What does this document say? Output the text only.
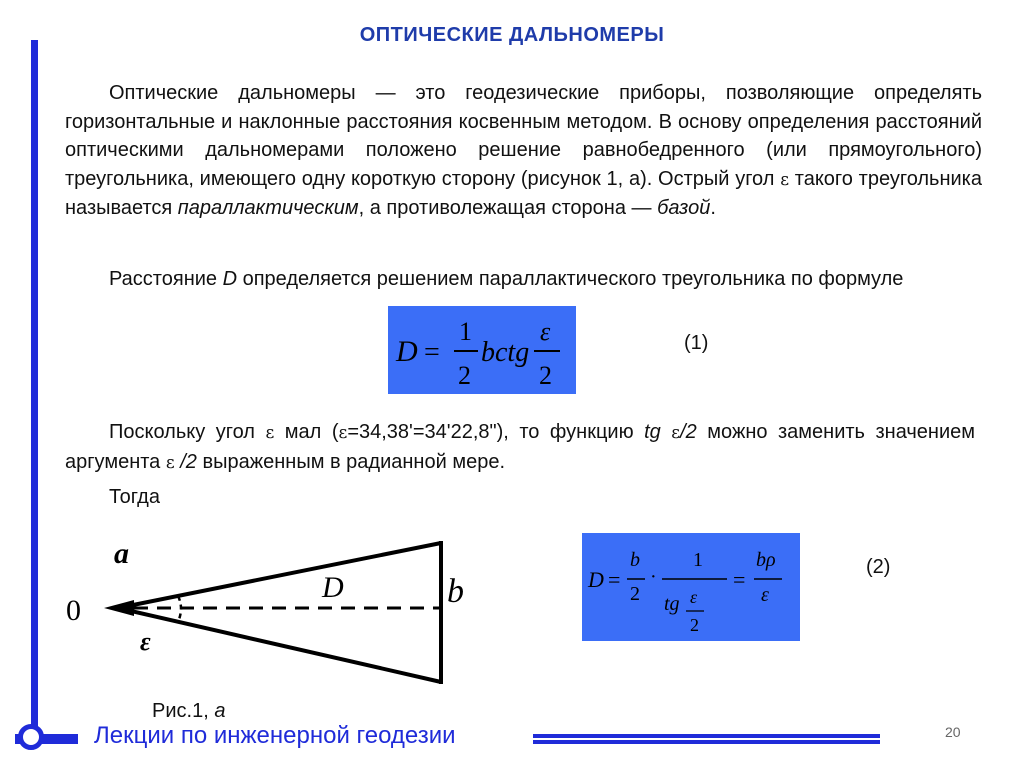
ОПТИЧЕСКИЕ ДАЛЬНОМЕРЫ
Оптические дальномеры — это геодезические приборы, позволяющие определять горизонтальные и наклонные расстояния косвенным методом. В основу определения расстояний оптическими дальномерами положено решение равнобедренного (или прямоугольного) треугольника, имеющего одну короткую сторону (рисунок 1, а). Острый угол ε такого треугольника называется параллактическим, а противолежащая сторона — базой.
Расстояние D определяется решением параллактического треугольника по формуле
D =
1
2
bctg
ε
2
(1)
Поскольку угол ε мал (ε=34,38'=34'22,8"), то функцию tg ε/2 можно заменить значением аргумента ε /2 выраженным в радианной мере.
Тогда
D =
b
2
·
1
tg ε
2
=
bρ
ε
(2)
а
0
D	b
ε
Рис.1, а
Лекции по инженерной геодезии	20
